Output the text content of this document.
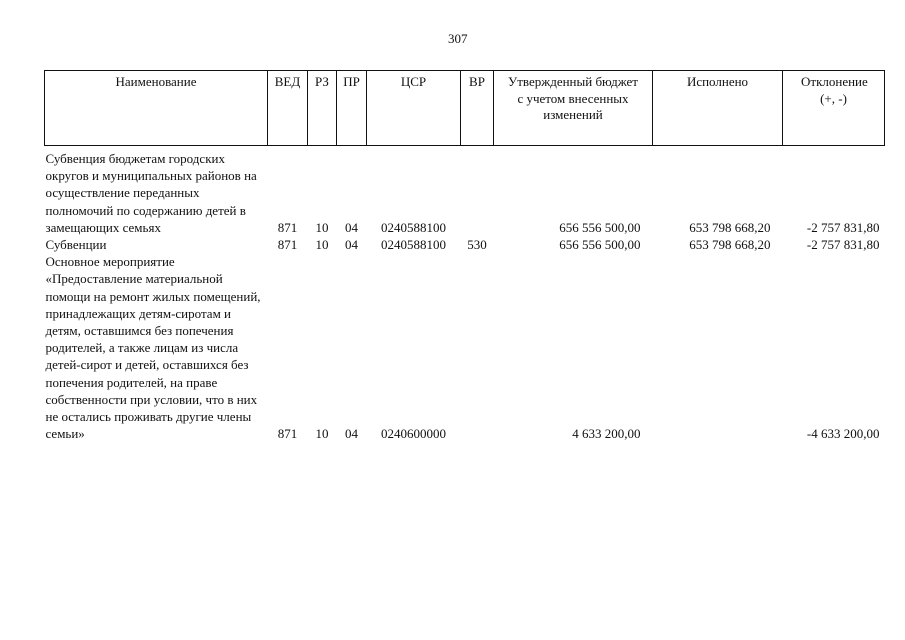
307
Наименование	ВЕД	РЗ	ПР	ЦСР	ВР	Утвержденный бюджет с учетом внесенных изменений	Исполнено	Отклонение (+, -)
Субвенция бюджетам городских округов и муниципальных районов на осуществление переданных полномочий по содержанию детей в замещающих семьях	871	10	04	0240588100		656 556 500,00	653 798 668,20	-2 757 831,80
Субвенции	871	10	04	0240588100	530	656 556 500,00	653 798 668,20	-2 757 831,80
Основное мероприятие «Предоставление материальной помощи на ремонт жилых помещений, принадлежащих детям-сиротам и детям, оставшимся без попечения родителей, а также лицам из числа детей-сирот и детей, оставшихся без попечения родителей, на праве собственности при условии, что в них не остались проживать другие члены семьи»	871	10	04	0240600000		4 633 200,00		-4 633 200,00
